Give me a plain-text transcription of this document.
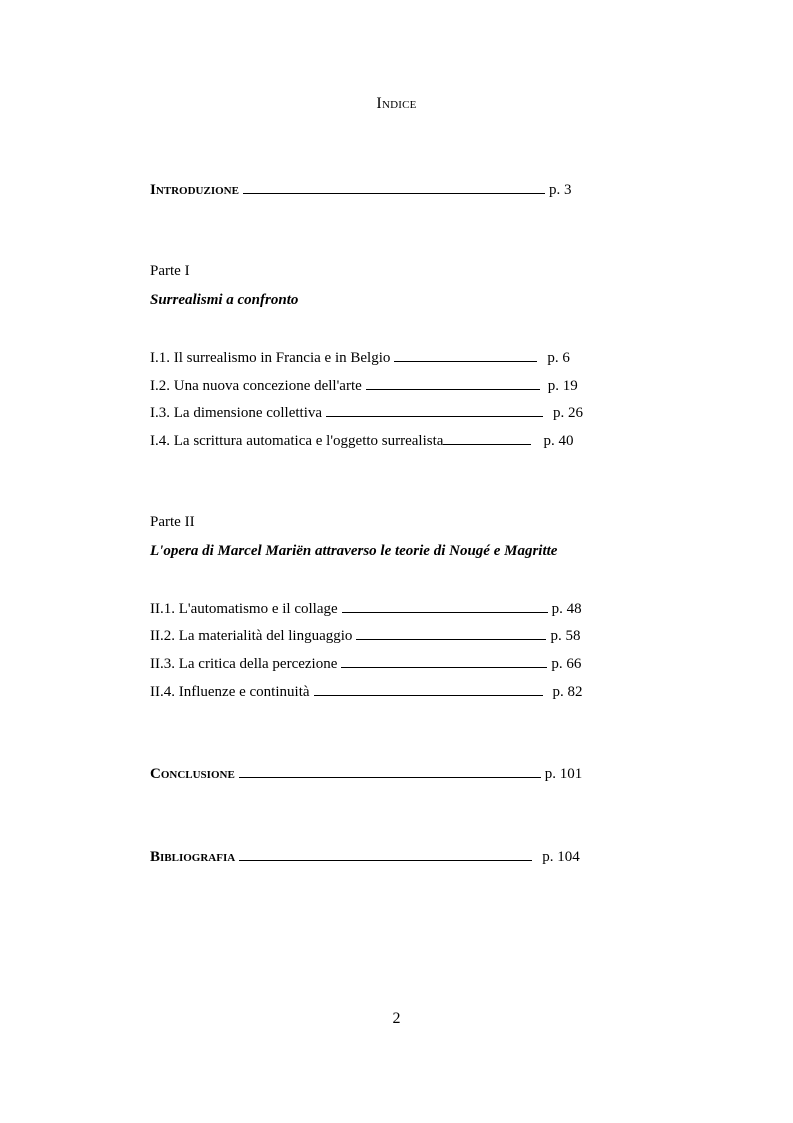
Indice
Introduzione	p. 3
Parte I
Surrealismi a confronto
I.1. Il surrealismo in Francia e in Belgio	p. 6
I.2. Una nuova concezione dell'arte	p. 19
I.3. La dimensione collettiva	p. 26
I.4. La scrittura automatica e l'oggetto surrealista	p. 40
Parte II
L'opera di Marcel Mariën attraverso le teorie di Nougé e Magritte
II.1. L'automatismo e il collage	p. 48
II.2. La materialità del linguaggio	p. 58
II.3. La critica della percezione	p. 66
II.4. Influenze e continuità	p. 82
Conclusione	p. 101
Bibliografia	p. 104
2
